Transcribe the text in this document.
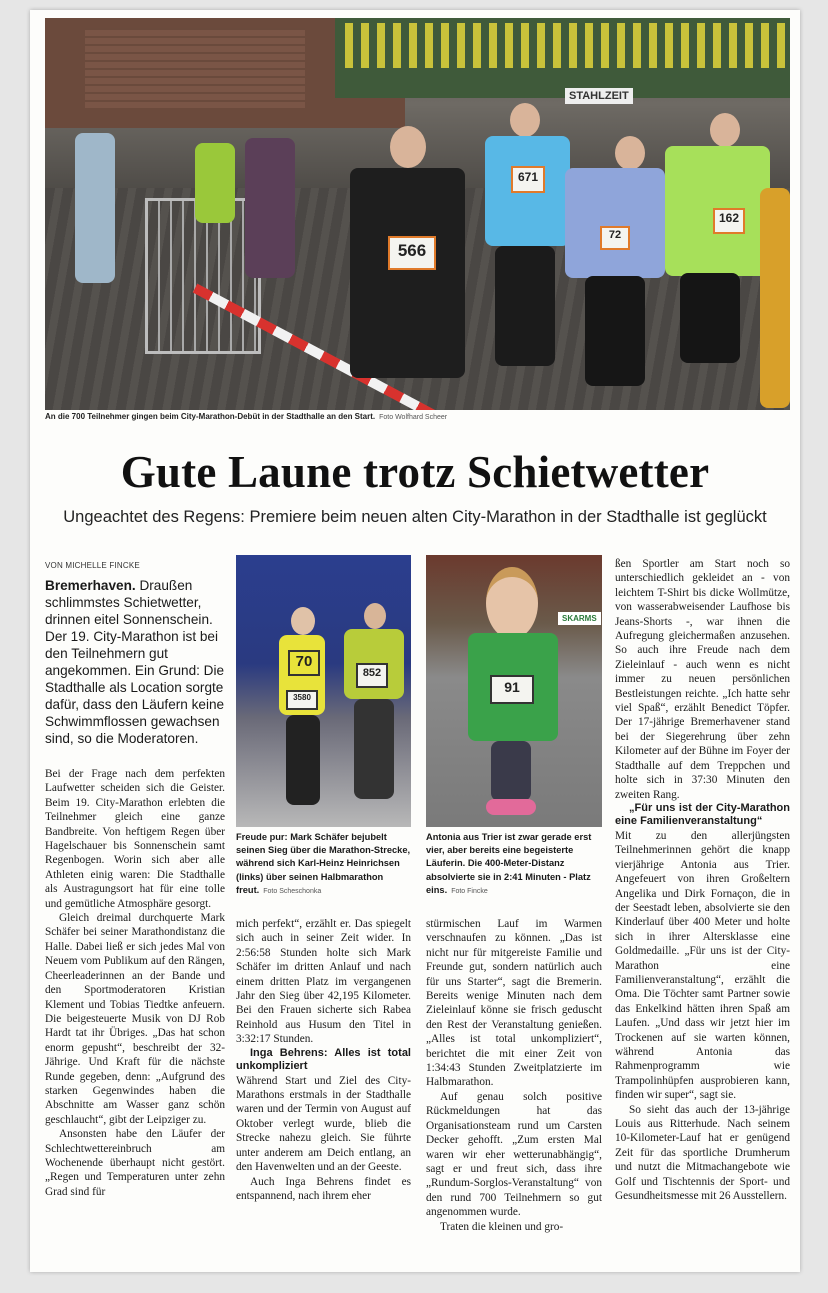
STAHLZEIT
566
671
72
162
An die 700 Teilnehmer gingen beim City-Marathon-Debüt in der Stadthalle an den Start. Foto Wolfhard Scheer
Gute Laune trotz Schietwetter
Ungeachtet des Regens: Premiere beim neuen alten City-Marathon in der Stadthalle ist geglückt
VON MICHELLE FINCKE
Bremerhaven. Draußen schlimmstes Schietwetter, drinnen eitel Sonnenschein. Der 19. City-Marathon ist bei den Teilnehmern gut angekommen. Ein Grund: Die Stadthalle als Location sorgte dafür, dass den Läufern keine Schwimmflossen gewachsen sind, so die Moderatoren.

Bei der Frage nach dem perfekten Laufwetter scheiden sich die Geister. Beim 19. City-Marathon erlebten die Teilnehmer gleich eine ganze Bandbreite. Von heftigem Regen über Hagelschauer bis Sonnenschein samt Regenbogen. Worin sich aber alle Athleten einig waren: Die Stadthalle als Austragungsort hat für eine tolle und gemütliche Atmosphäre gesorgt.

Gleich dreimal durchquerte Mark Schäfer bei seiner Marathondistanz die Halle. Dabei ließ er sich jedes Mal von Neuem vom Publikum auf den Rängen, Cheerleaderinnen an der Bande und den Sportmoderatoren Kristian Klement und Tobias Tiedtke anfeuern. Die beigesteuerte Musik von DJ Rob Hardt tat ihr Übriges. „Das hat schon enorm gepusht“, beschreibt der 32-Jährige. Und Kraft für die nächste Runde gegeben, denn: „Aufgrund des starken Gegenwindes haben die Abschnitte am Wasser ganz schön geschlaucht“, gibt der Leipziger zu.

Ansonsten habe den Läufer der Schlechtwettereinbruch am Wochenende überhaupt nicht gestört. „Regen und Temperaturen unter zehn Grad sind für

70
3580
852
Freude pur: Mark Schäfer bejubelt seinen Sieg über die Marathon-Strecke, während sich Karl-Heinz Heinrichsen (links) über seinen Halbmarathon freut. Foto Scheschonka
SKARMS
91
Antonia aus Trier ist zwar gerade erst vier, aber bereits eine begeisterte Läuferin. Die 400-Meter-Distanz absolvierte sie in 2:41 Minuten - Platz eins. Foto Fincke

mich perfekt“, erzählt er. Das spiegelt sich auch in seiner Zeit wider. In 2:56:58 Stunden holte sich Mark Schäfer im dritten Anlauf und nach einem dritten Platz im vergangenen Jahr den Sieg über 42,195 Kilometer. Bei den Frauen sicherte sich Rabea Reinhold aus Husum den Titel in 3:32:17 Stunden.

Inga Behrens: Alles ist total unkompliziert

Während Start und Ziel des City-Marathons erstmals in der Stadthalle waren und der Termin von August auf Oktober verlegt wurde, blieb die Strecke nahezu gleich. Sie führte unter anderem am Deich entlang, an den Havenwelten und an der Geeste.

Auch Inga Behrens findet es entspannend, nach ihrem eher

stürmischen Lauf im Warmen verschnaufen zu können. „Das ist nicht nur für mitgereiste Familie und Freunde gut, sondern natürlich auch für uns Starter“, sagt die Bremerin. Bereits wenige Minuten nach dem Zieleinlauf könne sie frisch geduscht den Rest der Veranstaltung genießen. „Alles ist total unkompliziert“, berichtet die mit einer Zeit von 1:34:43 Stunden Zweitplatzierte im Halbmarathon.

Auf genau solch positive Rückmeldungen hat das Organisationsteam rund um Carsten Decker gehofft. „Zum ersten Mal waren wir eher wetterunabhängig“, sagt er und freut sich, dass ihre „Rundum-Sorglos-Veranstaltung“ von den rund 700 Teilnehmern so gut angenommen wurde.

Traten die kleinen und gro-

ßen Sportler am Start noch so unterschiedlich gekleidet an - von leichtem T-Shirt bis dicke Wollmütze, von wasserabweisender Laufhose bis Jeans-Shorts -, war ihnen die Aufregung gleichermaßen anzusehen. So auch ihre Freude nach dem Zieleinlauf - auch wenn es nicht immer zu neuen persönlichen Bestleistungen reichte. „Ich hatte sehr viel Spaß“, erzählt Benedict Töpfer. Der 17-jährige Bremerhavener stand bei der Siegerehrung über zehn Kilometer auf der Bühne im Foyer der Stadthalle auf dem Treppchen und holte sich in 37:30 Minuten den zweiten Rang.

„Für uns ist der City-Marathon eine Familienveranstaltung“

Mit zu den allerjüngsten Teilnehmerinnen gehört die knapp vierjährige Antonia aus Trier. Angefeuert von ihren Großeltern Angelika und Dirk Fornaçon, die in der Seestadt leben, absolvierte sie den Kinderlauf über 400 Meter und holte sich in ihrer Altersklasse eine Goldmedaille. „Für uns ist der City-Marathon eine Familienveranstaltung“, erzählt die Oma. Die Töchter samt Partner sowie das Enkelkind hätten ihren Spaß am Laufen. „Und dass wir jetzt hier im Trockenen auf sie warten können, während Antonia das Rahmenprogramm wie Trampolinhüpfen ausprobieren kann, finden wir super“, sagt sie.

So sieht das auch der 13-jährige Louis aus Ritterhude. Nach seinem 10-Kilometer-Lauf hat er genügend Zeit für das sportliche Drumherum und nutzt die Mitmachangebote wie Golf und Tischtennis der Sport- und Gesundheitsmesse mit 26 Ausstellern.
